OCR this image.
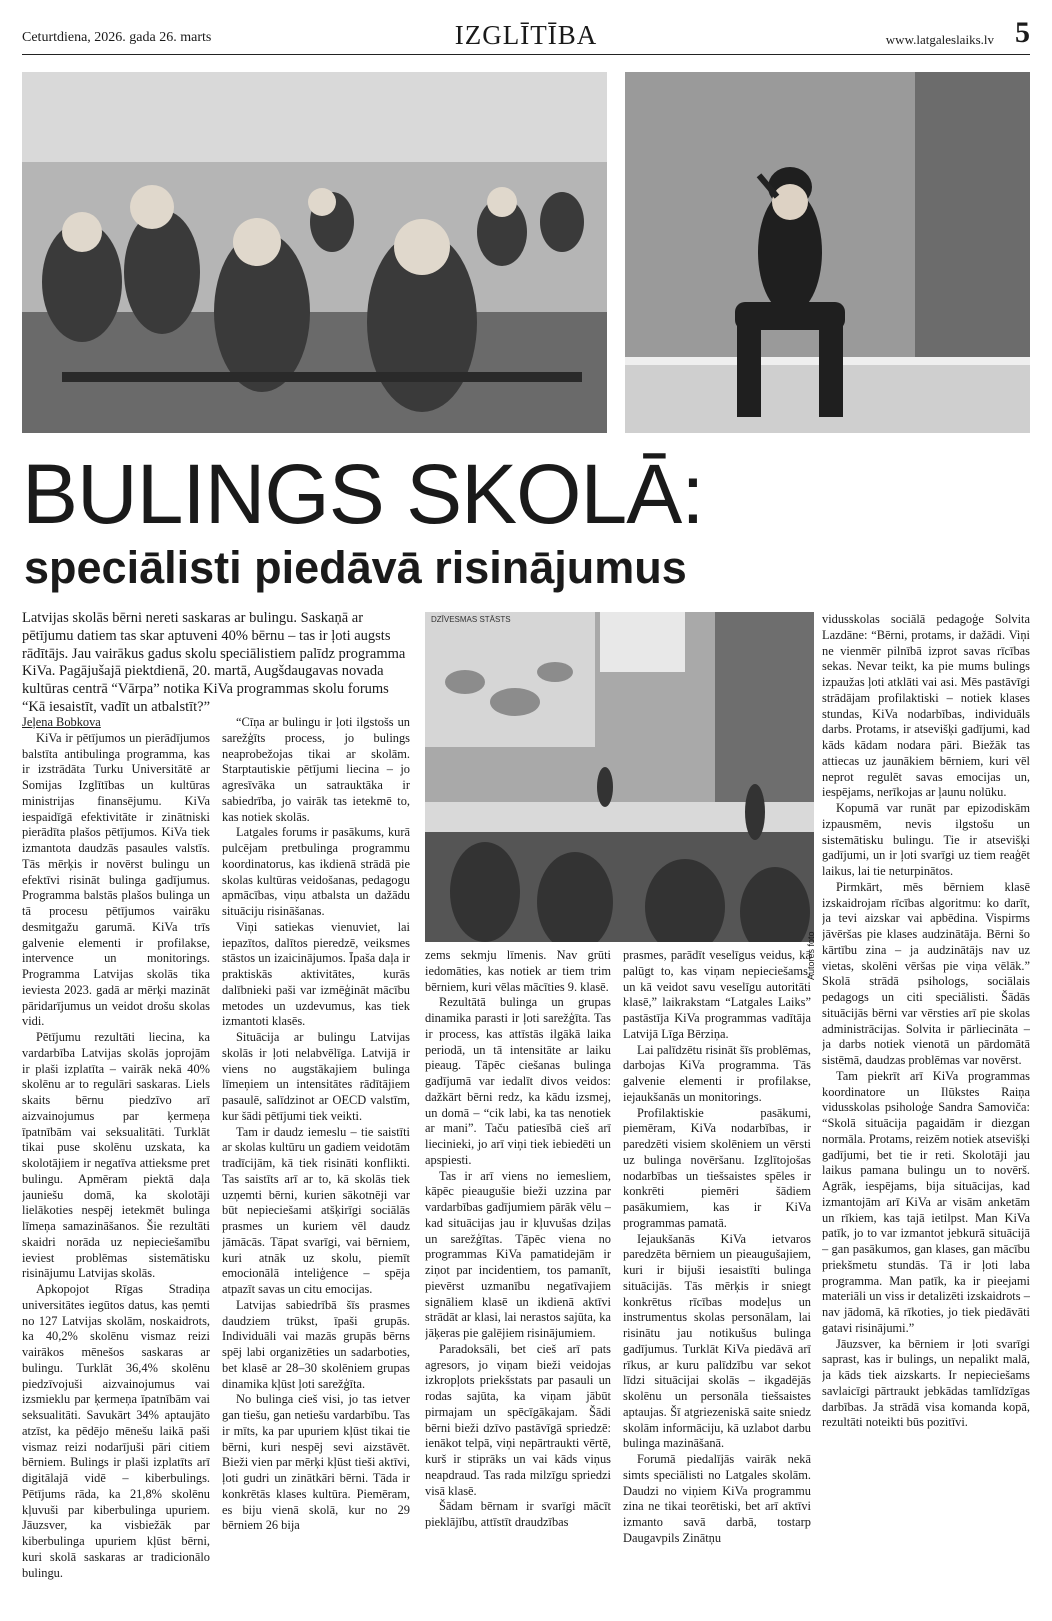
Ceturtdiena, 2026. gada 26. marts	IZGLĪTĪBA	www.latgaleslaiks.lv 5
BULINGS SKOLĀ:
speciālisti piedāvā risinājumus
Latvijas skolās bērni nereti saskaras ar bulingu. Saskaņā ar pētījumu datiem tas skar aptuveni 40% bērnu – tas ir ļoti augsts rādītājs. Jau vairākus gadus skolu speciālistiem palīdz programma KiVa. Pagājušajā piektdienā, 20. martā, Augšdaugavas novada kultūras centrā “Vārpa” notika KiVa programmas skolu forums “Kā iesaistīt, vadīt un atbalstīt?”
DZĪVESMAS STĀSTS
Autores foto

Jeļena Bobkova

KiVa ir pētījumos un pierādījumos balstīta antibulinga programma, kas ir izstrādāta Turku Universitātē ar Somijas Izglītības un kultūras ministrijas finansējumu. KiVa iespaidīgā efektivitāte ir zinātniski pierādīta plašos pētījumos. KiVa tiek izmantota daudzās pasaules valstīs. Tās mērķis ir novērst bulingu un efektīvi risināt bulinga gadījumus. Programma balstās plašos bulinga un tā procesu pētījumos vairāku desmitgažu garumā. KiVa trīs galvenie elementi ir profilakse, intervence un monitorings. Programma Latvijas skolās tika ieviesta 2023. gadā ar mērķi mazināt pāridarījumus un veidot drošu skolas vidi.

Pētījumu rezultāti liecina, ka vardarbība Latvijas skolās joprojām ir plaši izplatīta – vairāk nekā 40% skolēnu ar to regulāri saskaras. Liels skaits bērnu piedzīvo arī aizvainojumus par ķermeņa īpatnībām vai seksualitāti. Turklāt tikai puse skolēnu uzskata, ka skolotājiem ir negatīva attieksme pret bulingu. Apmēram piektā daļa jauniešu domā, ka skolotāji lielākoties nespēj ietekmēt bulinga līmeņa samazināšanos. Šie rezultāti skaidri norāda uz nepieciešamību ieviest problēmas sistemātisku risinājumu Latvijas skolās.

Apkopojot Rīgas Stradiņa universitātes iegūtos datus, kas ņemti no 127 Latvijas skolām, noskaidrots, ka 40,2% skolēnu vismaz reizi vairākos mēnešos saskaras ar bulingu. Turklāt 36,4% skolēnu piedzīvojuši aizvainojumus vai izsmieklu par ķermeņa īpatnībām vai seksualitāti. Savukārt 34% aptaujāto atzīst, ka pēdējo mēnešu laikā paši vismaz reizi nodarījuši pāri citiem bērniem. Bulings ir plaši izplatīts arī digitālajā vidē – kiberbulings. Pētījums rāda, ka 21,8% skolēnu kļuvuši par kiberbulinga upuriem. Jāuzsver, ka visbiežāk par kiberbulinga upuriem kļūst bērni, kuri skolā saskaras ar tradicionālo bulingu.

“Cīņa ar bulingu ir ļoti ilgstošs un sarežģīts process, jo bulings neaprobežojas tikai ar skolām. Starptautiskie pētījumi liecina – jo agresīvāka un satrauktāka ir sabiedrība, jo vairāk tas ietekmē to, kas notiek skolās.

Latgales forums ir pasākums, kurā pulcējam pretbulinga programmu koordinatorus, kas ikdienā strādā pie skolas kultūras veidošanas, pedagogu apmācības, viņu atbalsta un dažādu situāciju risināšanas.

Viņi satiekas vienuviet, lai iepazītos, dalītos pieredzē, veiksmes stāstos un izaicinājumos. Īpaša daļa ir praktiskās aktivitātes, kurās dalībnieki paši var izmēģināt mācību metodes un uzdevumus, kas tiek izmantoti klasēs.

Situācija ar bulingu Latvijas skolās ir ļoti nelabvēlīga. Latvijā ir viens no augstākajiem bulinga līmeņiem un intensitātes rādītājiem pasaulē, salīdzinot ar OECD valstīm, kur šādi pētījumi tiek veikti.

Tam ir daudz iemeslu – tie saistīti ar skolas kultūru un gadiem veidotām tradīcijām, kā tiek risināti konflikti. Tas saistīts arī ar to, kā skolās tiek uzņemti bērni, kurien sākotnēji var būt nepieciešami atšķirīgi sociālās prasmes un kuriem vēl daudz jāmācās. Tāpat svarīgi, vai bērniem, kuri atnāk uz skolu, piemīt emocionālā inteliģence – spēja atpazīt savas un citu emocijas.

Latvijas sabiedrībā šīs prasmes daudziem trūkst, īpaši grupās. Individuāli vai mazās grupās bērns spēj labi organizēties un sadarboties, bet klasē ar 28–30 skolēniem grupas dinamika kļūst ļoti sarežģīta.

No bulinga cieš visi, jo tas ietver gan tiešu, gan netiešu vardarbību. Tas ir mīts, ka par upuriem kļūst tikai tie bērni, kuri nespēj sevi aizstāvēt. Bieži vien par mērķi kļūst tieši aktīvi, ļoti gudri un zinātkāri bērni. Tāda ir konkrētās klases kultūra. Piemēram, es biju vienā skolā, kur no 29 bērniem 26 bija

zems sekmju līmenis. Nav grūti iedomāties, kas notiek ar tiem trim bērniem, kuri vēlas mācīties 9. klasē.

Rezultātā bulinga un grupas dinamika parasti ir ļoti sarežģīta. Tas ir process, kas attīstās ilgākā laika periodā, un tā intensitāte ar laiku pieaug. Tāpēc ciešanas bulinga gadījumā var iedalīt divos veidos: dažkārt bērni redz, ka kādu izsmej, un domā – “cik labi, ka tas nenotiek ar mani”. Taču patiesībā cieš arī liecinieki, jo arī viņi tiek iebiedēti un apspiesti.

Tas ir arī viens no iemesliem, kāpēc pieaugušie bieži uzzina par vardarbības gadījumiem pārāk vēlu – kad situācijas jau ir kļuvušas dziļas un sarežģītas. Tāpēc viena no programmas KiVa pamatidejām ir ziņot par incidentiem, tos pamanīt, pievērst uzmanību negatīvajiem signāliem klasē un ikdienā aktīvi strādāt ar klasi, lai nerastos sajūta, ka jāķeras pie galējiem risinājumiem.

Paradoksāli, bet cieš arī pats agresors, jo viņam bieži veidojas izkropļots priekšstats par pasauli un rodas sajūta, ka viņam jābūt pirmajam un spēcīgākajam. Šādi bērni bieži dzīvo pastāvīgā spriedzē: ienākot telpā, viņi nepārtraukti vērtē, kurš ir stiprāks un vai kāds viņus neapdraud. Tas rada milzīgu spriedzi visā klasē.

Šādam bērnam ir svarīgi mācīt pieklājību, attīstīt draudzības

prasmes, parādīt veselīgus veidus, kā palūgt to, kas viņam nepieciešams, un kā veidot savu veselīgu autoritāti klasē,” laikrakstam “Latgales Laiks” pastāstīja KiVa programmas vadītāja Latvijā Līga Bērziņa.

Lai palīdzētu risināt šīs problēmas, darbojas KiVa programma. Tās galvenie elementi ir profilakse, iejaukšanās un monitorings.

Profilaktiskie pasākumi, piemēram, KiVa nodarbības, ir paredzēti visiem skolēniem un vērsti uz bulinga novēršanu. Izglītojošas nodarbības un tiešsaistes spēles ir konkrēti piemēri šādiem pasākumiem, kas ir KiVa programmas pamatā.

Iejaukšanās KiVa ietvaros paredzēta bērniem un pieaugušajiem, kuri ir bijuši iesaistīti bulinga situācijās. Tās mērķis ir sniegt konkrētus rīcības modeļus un instrumentus skolas personālam, lai risinātu jau notikušus bulinga gadījumus. Turklāt KiVa piedāvā arī rīkus, ar kuru palīdzību var sekot līdzi situācijai skolās – ikgadējās skolēnu un personāla tiešsaistes aptaujas. Šī atgriezeniskā saite sniedz skolām informāciju, kā uzlabot darbu bulinga mazināšanā.

Forumā piedalījās vairāk nekā simts speciālisti no Latgales skolām. Daudzi no viņiem KiVa programmu zina ne tikai teorētiski, bet arī aktīvi izmanto savā darbā, tostarp Daugavpils Zinātņu

vidusskolas sociālā pedagoģe Solvita Lazdāne: “Bērni, protams, ir dažādi. Viņi ne vienmēr pilnībā izprot savas rīcības sekas. Nevar teikt, ka pie mums bulings izpaužas ļoti atklāti vai asi. Mēs pastāvīgi strādājam profilaktiski – notiek klases stundas, KiVa nodarbības, individuāls darbs. Protams, ir atsevišķi gadījumi, kad kāds kādam nodara pāri. Biežāk tas attiecas uz jaunākiem bērniem, kuri vēl neprot regulēt savas emocijas un, iespējams, nerīkojas ar ļaunu nolūku.

Kopumā var runāt par epizodiskām izpausmēm, nevis ilgstošu un sistemātisku bulingu. Tie ir atsevišķi gadījumi, un ir ļoti svarīgi uz tiem reaģēt laikus, lai tie neturpinātos.

Pirmkārt, mēs bērniem klasē izskaidrojam rīcības algoritmu: ko darīt, ja tevi aizskar vai apbēdina. Vispirms jāvēršas pie klases audzinātāja. Bērni šo kārtību zina – ja audzinātājs nav uz vietas, skolēni vēršas pie viņa vēlāk.” Skolā strādā psihologs, sociālais pedagogs un citi speciālisti. Šādās situācijās bērni var vērsties arī pie skolas administrācijas. Solvita ir pārliecināta – ja darbs notiek vienotā un pārdomātā sistēmā, daudzas problēmas var novērst.

Tam piekrīt arī KiVa programmas koordinatore un Ilūkstes Raiņa vidusskolas psiholoģe Sandra Samoviča: “Skolā situācija pagaidām ir diezgan normāla. Protams, reizēm notiek atsevišķi gadījumi, bet tie ir reti. Skolotāji jau laikus pamana bulingu un to novērš. Agrāk, iespējams, bija situācijas, kad izmantojām arī KiVa ar visām anketām un rīkiem, kas tajā ietilpst. Man KiVa patīk, jo to var izmantot jebkurā situācijā – gan pasākumos, gan klases, gan mācību priekšmetu stundās. Tā ir ļoti laba programma. Man patīk, ka ir pieejami materiāli un viss ir detalizēti izskaidrots – nav jādomā, kā rīkoties, jo tiek piedāvāti gatavi risinājumi.”

Jāuzsver, ka bērniem ir ļoti svarīgi saprast, kas ir bulings, un nepalikt malā, ja kāds tiek aizskarts. Ir nepieciešams savlaicīgi pārtraukt jebkādas tamlīdzīgas darbības. Ja strādā visa komanda kopā, rezultāti noteikti būs pozitīvi.
